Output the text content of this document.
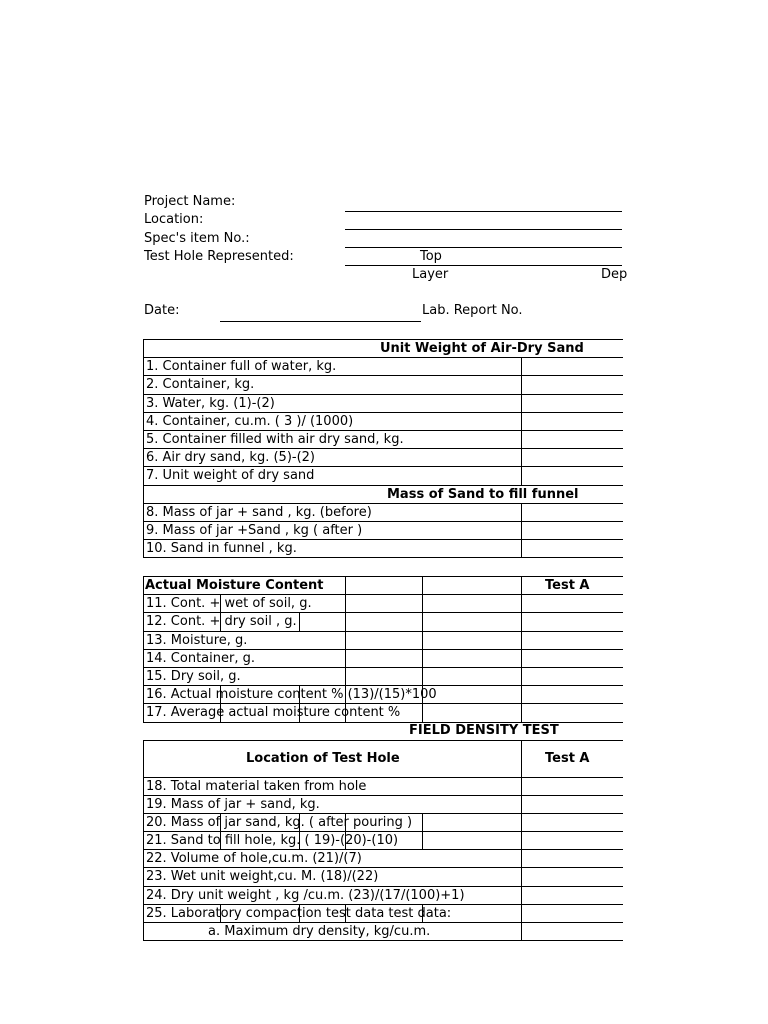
Project Name:
Location:
Spec's item No.:
Test Hole Represented:	Top
Layer	Dep
Date:	Lab. Report No.
Unit Weight of Air-Dry Sand
1. Container full of water, kg.
2. Container, kg.
3. Water, kg. (1)-(2)
4. Container, cu.m. ( 3 )/ (1000)
5. Container filled with air dry sand, kg.
6. Air dry sand, kg. (5)-(2)
7. Unit weight of dry sand
Mass of Sand to fill funnel
8. Mass of jar + sand , kg. (before)
9. Mass of jar +Sand , kg ( after )
10. Sand in funnel , kg.
Actual Moisture Content	Test A
11. Cont. + wet of soil, g.
12. Cont. + dry soil , g.
13. Moisture, g.
14. Container, g.
15. Dry soil, g.
16. Actual moisture content % (13)/(15)*100
17. Average actual moisture content %
FIELD DENSITY TEST
Location of Test Hole	Test A
18. Total material taken from hole
19. Mass of jar + sand, kg.
20. Mass of jar sand, kg. ( after pouring )
21. Sand to fill hole, kg. ( 19)-(20)-(10)
22. Volume of hole,cu.m. (21)/(7)
23. Wet unit weight,cu. M. (18)/(22)
24. Dry unit weight , kg /cu.m. (23)/(17/(100)+1)
25. Laboratory compaction test data test data:
a. Maximum dry density, kg/cu.m.
